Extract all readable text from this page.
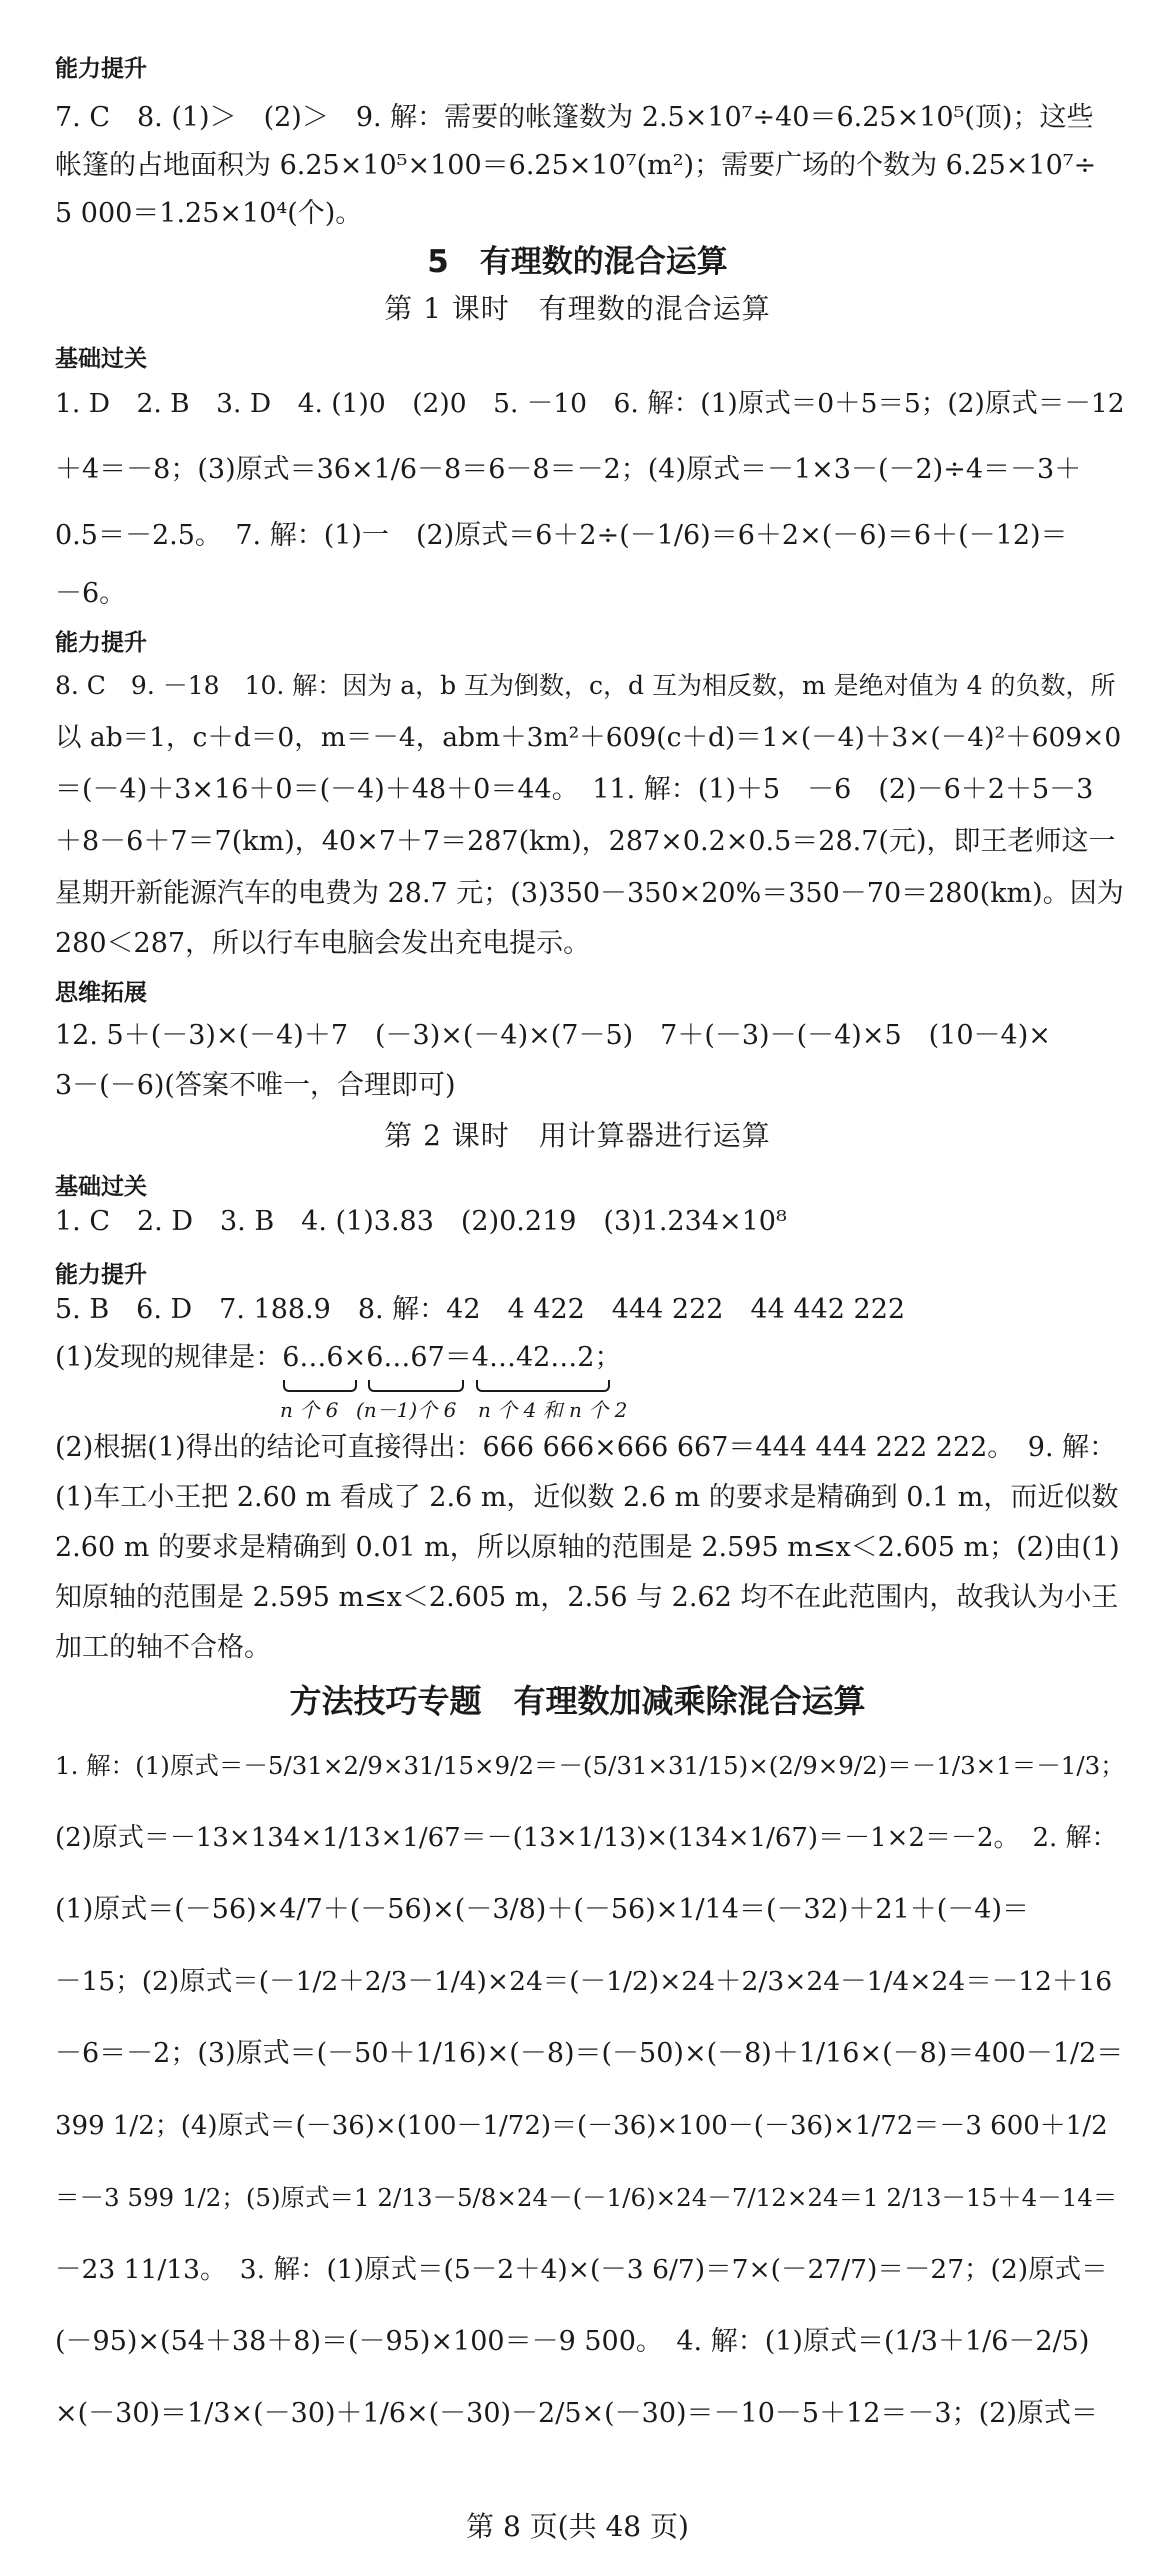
能力提升
7. C　8. (1)＞　(2)＞　9. 解：需要的帐篷数为 2.5×10⁷÷40＝6.25×10⁵(顶)；这些
帐篷的占地面积为 6.25×10⁵×100＝6.25×10⁷(m²)；需要广场的个数为 6.25×10⁷÷
5 000＝1.25×10⁴(个)。
5　有理数的混合运算
第 1 课时　有理数的混合运算
基础过关
1. D　2. B　3. D　4. (1)0　(2)0　5. －10　6. 解：(1)原式＝0＋5＝5；(2)原式＝－12
＋4＝－8；(3)原式＝36×1/6－8＝6－8＝－2；(4)原式＝－1×3－(－2)÷4＝－3＋
0.5＝－2.5。　7. 解：(1)一　(2)原式＝6＋2÷(－1/6)＝6＋2×(－6)＝6＋(－12)＝
－6。
能力提升
8. C　9. －18　10. 解：因为 a，b 互为倒数，c，d 互为相反数，m 是绝对值为 4 的负数，所
以 ab＝1，c＋d＝0，m＝－4，abm＋3m²＋609(c＋d)＝1×(－4)＋3×(－4)²＋609×0
＝(－4)＋3×16＋0＝(－4)＋48＋0＝44。　11. 解：(1)＋5　－6　(2)－6＋2＋5－3
＋8－6＋7＝7(km)，40×7＋7＝287(km)，287×0.2×0.5＝28.7(元)，即王老师这一
星期开新能源汽车的电费为 28.7 元；(3)350－350×20%＝350－70＝280(km)。因为
280＜287，所以行车电脑会发出充电提示。
思维拓展
12. 5＋(－3)×(－4)＋7　(－3)×(－4)×(7－5)　7＋(－3)－(－4)×5　(10－4)×
3－(－6)(答案不唯一，合理即可)
第 2 课时　用计算器进行运算
基础过关
1. C　2. D　3. B　4. (1)3.83　(2)0.219　(3)1.234×10⁸
能力提升
5. B　6. D　7. 188.9　8. 解：42　4 422　444 222　44 442 222
(1)发现的规律是：6…6×6…67＝4…42…2；
n 个 6 (n－1)个 6 n 个 4 和 n 个 2
(2)根据(1)得出的结论可直接得出：666 666×666 667＝444 444 222 222。　9. 解：
(1)车工小王把 2.60 m 看成了 2.6 m，近似数 2.6 m 的要求是精确到 0.1 m，而近似数
2.60 m 的要求是精确到 0.01 m，所以原轴的范围是 2.595 m≤x＜2.605 m；(2)由(1)
知原轴的范围是 2.595 m≤x＜2.605 m，2.56 与 2.62 均不在此范围内，故我认为小王
加工的轴不合格。
方法技巧专题　有理数加减乘除混合运算
1. 解：(1)原式＝－5/31×2/9×31/15×9/2＝－(5/31×31/15)×(2/9×9/2)＝－1/3×1＝－1/3；
(2)原式＝－13×134×1/13×1/67＝－(13×1/13)×(134×1/67)＝－1×2＝－2。　2. 解：
(1)原式＝(－56)×4/7＋(－56)×(－3/8)＋(－56)×1/14＝(－32)＋21＋(－4)＝
－15；(2)原式＝(－1/2＋2/3－1/4)×24＝(－1/2)×24＋2/3×24－1/4×24＝－12＋16
－6＝－2；(3)原式＝(－50＋1/16)×(－8)＝(－50)×(－8)＋1/16×(－8)＝400－1/2＝
399 1/2；(4)原式＝(－36)×(100－1/72)＝(－36)×100－(－36)×1/72＝－3 600＋1/2
＝－3 599 1/2；(5)原式＝1 2/13－5/8×24－(－1/6)×24－7/12×24＝1 2/13－15＋4－14＝
－23 11/13。　3. 解：(1)原式＝(5－2＋4)×(－3 6/7)＝7×(－27/7)＝－27；(2)原式＝
(－95)×(54＋38＋8)＝(－95)×100＝－9 500。　4. 解：(1)原式＝(1/3＋1/6－2/5)
×(－30)＝1/3×(－30)＋1/6×(－30)－2/5×(－30)＝－10－5＋12＝－3；(2)原式＝
第 8 页(共 48 页)
